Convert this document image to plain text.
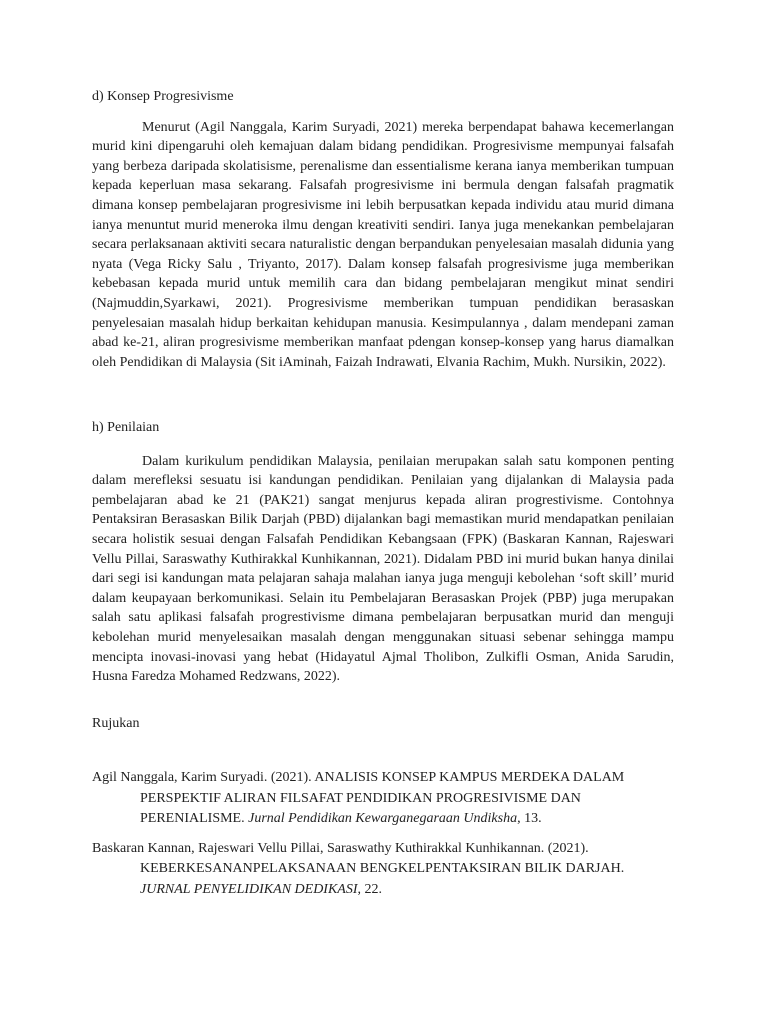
d) Konsep Progresivisme

Menurut (Agil Nanggala, Karim Suryadi, 2021) mereka berpendapat bahawa kecemerlangan murid kini dipengaruhi oleh kemajuan dalam bidang pendidikan. Progresivisme mempunyai falsafah yang berbeza daripada skolatisisme, perenalisme dan essentialisme kerana ianya memberikan tumpuan kepada keperluan masa sekarang. Falsafah progresivisme ini bermula dengan falsafah pragmatik dimana konsep pembelajaran progresivisme ini lebih berpusatkan kepada individu atau murid dimana ianya menuntut murid meneroka ilmu dengan kreativiti sendiri. Ianya juga menekankan pembelajaran secara perlaksanaan aktiviti secara naturalistic dengan berpandukan penyelesaian masalah didunia yang nyata (Vega Ricky Salu , Triyanto, 2017). Dalam konsep falsafah progresivisme juga memberikan kebebasan kepada murid untuk memilih cara dan bidang pembelajaran mengikut minat sendiri (Najmuddin,Syarkawi, 2021). Progresivisme memberikan tumpuan pendidikan berasaskan penyelesaian masalah hidup berkaitan kehidupan manusia. Kesimpulannya , dalam mendepani zaman abad ke-21, aliran progresivisme memberikan manfaat pdengan konsep-konsep yang harus diamalkan oleh Pendidikan di Malaysia (Sit iAminah, Faizah Indrawati, Elvania Rachim, Mukh. Nursikin, 2022).

h) Penilaian

Dalam kurikulum pendidikan Malaysia, penilaian merupakan salah satu komponen penting dalam merefleksi sesuatu isi kandungan pendidikan. Penilaian yang dijalankan di Malaysia pada pembelajaran abad ke 21 (PAK21) sangat menjurus kepada aliran progrestivisme. Contohnya Pentaksiran Berasaskan Bilik Darjah (PBD) dijalankan bagi memastikan murid mendapatkan penilaian secara holistik sesuai dengan Falsafah Pendidikan Kebangsaan (FPK) (Baskaran Kannan, Rajeswari Vellu Pillai, Saraswathy Kuthirakkal Kunhikannan, 2021). Didalam PBD ini murid bukan hanya dinilai dari segi isi kandungan mata pelajaran sahaja malahan ianya juga menguji kebolehan ‘soft skill’ murid dalam keupayaan berkomunikasi. Selain itu Pembelajaran Berasaskan Projek (PBP) juga merupakan salah satu aplikasi falsafah progrestivisme dimana pembelajaran berpusatkan murid dan menguji kebolehan murid menyelesaikan masalah dengan menggunakan situasi sebenar sehingga mampu mencipta inovasi-inovasi yang hebat (Hidayatul Ajmal Tholibon, Zulkifli Osman, Anida Sarudin, Husna Faredza Mohamed Redzwans, 2022).

Rujukan

Agil Nanggala, Karim Suryadi. (2021). ANALISIS KONSEP KAMPUS MERDEKA DALAM PERSPEKTIF ALIRAN FILSAFAT PENDIDIKAN PROGRESIVISME DAN PERENIALISME. Jurnal Pendidikan Kewarganegaraan Undiksha, 13.

Baskaran Kannan, Rajeswari Vellu Pillai, Saraswathy Kuthirakkal Kunhikannan. (2021). KEBERKESANANPELAKSANAAN BENGKELPENTAKSIRAN BILIK DARJAH. JURNAL PENYELIDIKAN DEDIKASI, 22.
